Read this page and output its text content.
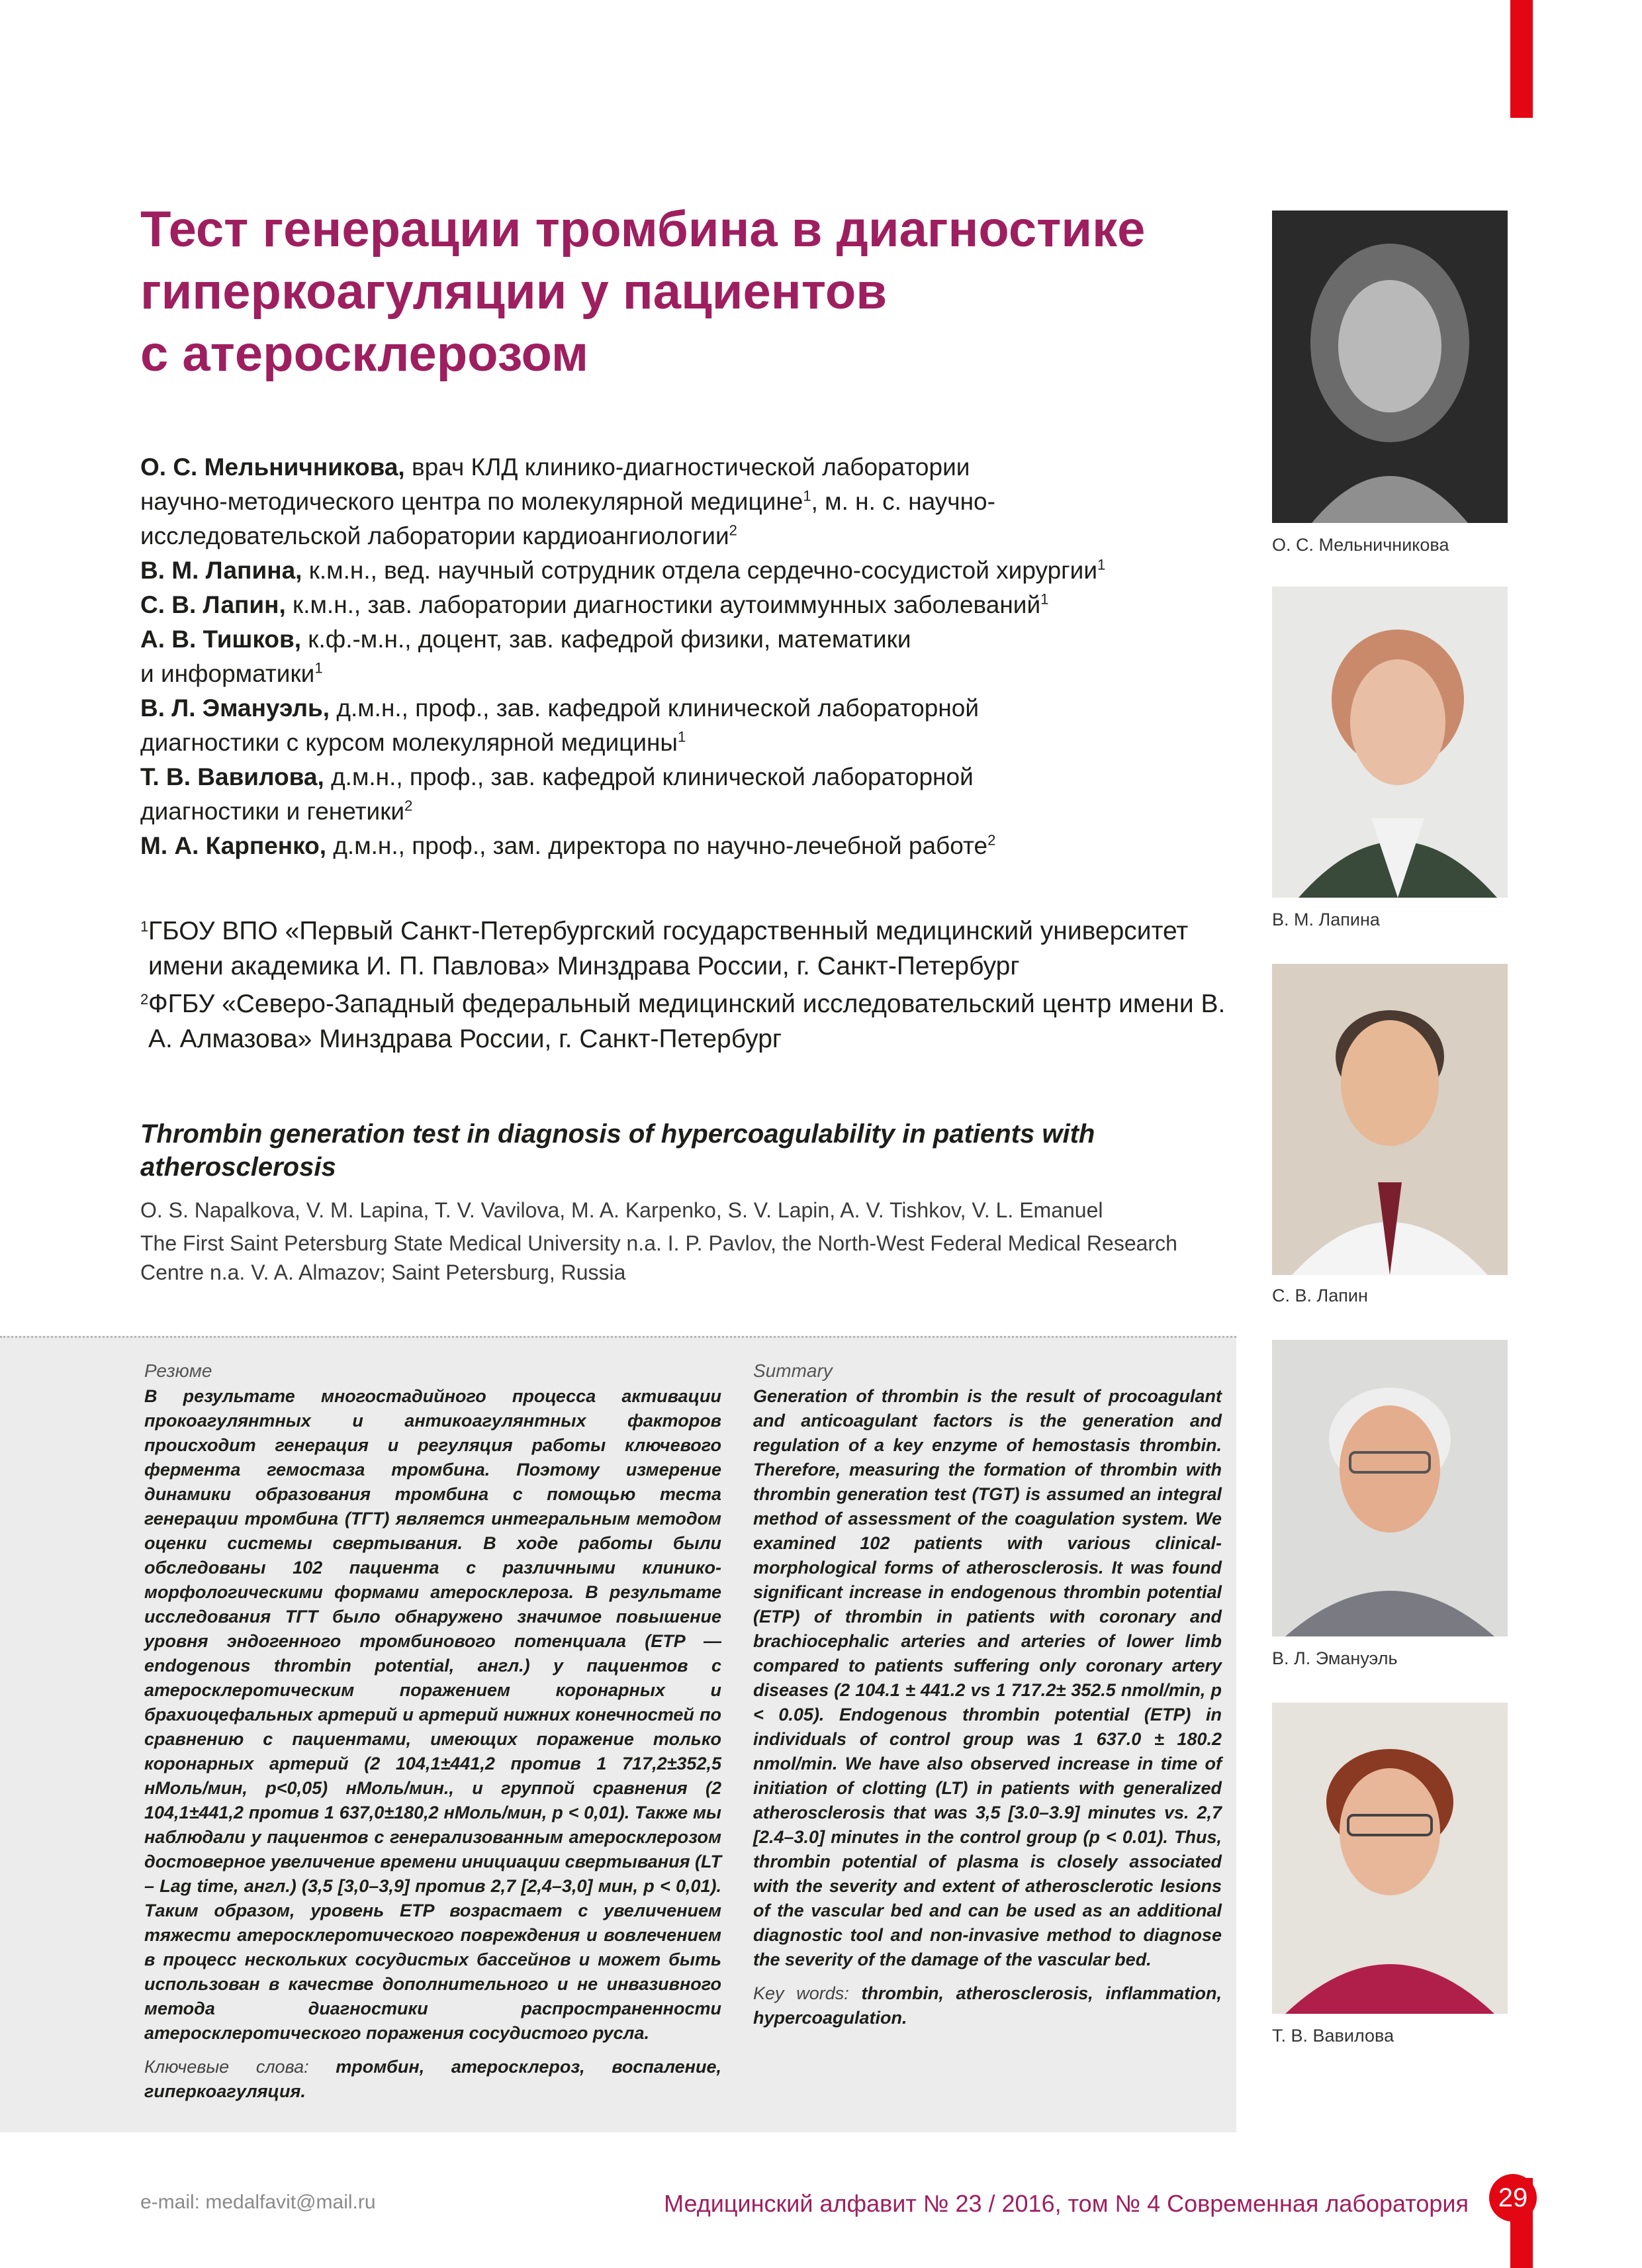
Тест генерации тромбина в диагностике
гиперкоагуляции у пациентов
с атеросклерозом
О. С. Мельничникова, врач КЛД клинико-диагностической лаборатории
научно-методического центра по молекулярной медицине$^1$, м. н. с. научно-
исследовательской лаборатории кардиоангиологии$^2$
В. М. Лапина, к.м.н., вед. научный сотрудник отдела сердечно-сосудистой хирургии$^1$
С. В. Лапин, к.м.н., зав. лаборатории диагностики аутоиммунных заболеваний$^1$
А. В. Тишков, к.ф.-м.н., доцент, зав. кафедрой физики, математики
и информатики$^1$
В. Л. Эмануэль, д.м.н., проф., зав. кафедрой клинической лабораторной
диагностики с курсом молекулярной медицины$^1$
Т. В. Вавилова, д.м.н., проф., зав. кафедрой клинической лабораторной
диагностики и генетики$^2$
М. А. Карпенко, д.м.н., проф., зам. директора по научно-лечебной работе$^2$
1 ГБОУ ВПО «Первый Санкт-Петербургский государственный медицинский университет имени академика И. П. Павлова» Минздрава России, г. Санкт-Петербург
2 ФГБУ «Северо-Западный федеральный медицинский исследовательский центр имени В. А. Алмазова» Минздрава России, г. Санкт-Петербург

Thrombin generation test in diagnosis of hypercoagulability in patients with atherosclerosis

O. S. Napalkova, V. M. Lapina, T. V. Vavilova, M. A. Karpenko, S. V. Lapin, A. V. Tishkov, V. L. Emanuel
The First Saint Petersburg State Medical University n.a. I. P. Pavlov, the North-West Federal Medical Research Centre n.a. V. A. Almazov; Saint Petersburg, Russia
Резюме
В результате многостадийного процесса активации прокоагулянтных и антикоагулянтных факторов происходит генерация и регуляция работы ключевого фермента гемостаза тромбина. Поэтому измерение динамики образования тромбина с помощью теста генерации тромбина (ТГТ) является интегральным методом оценки системы свертывания. В ходе работы были обследованы 102 пациента с различными клинико-морфологическими формами атеросклероза. В результате исследования ТГТ было обнаружено значимое повышение уровня эндогенного тромбинового потенциала (ETP — endogenous thrombin potential, англ.) у пациентов с атеросклеротическим поражением коронарных и брахиоцефальных артерий и артерий нижних конечностей по сравнению с пациентами, имеющих поражение только коронарных артерий (2 104,1±441,2 против 1 717,2±352,5 нМоль/мин, p<0,05) нМоль/мин., и группой сравнения (2 104,1±441,2 против 1 637,0±180,2 нМоль/мин, p < 0,01). Также мы наблюдали у пациентов с генерализованным атеросклерозом достоверное увеличение времени инициации свертывания (LT – Lag time, англ.) (3,5 [3,0–3,9] против 2,7 [2,4–3,0] мин, p < 0,01). Таким образом, уровень ETP возрастает с увеличением тяжести атеросклеротического повреждения и вовлечением в процесс нескольких сосудистых бассейнов и может быть использован в качестве дополнительного и не инвазивного метода диагностики распространенности атеросклеротического поражения сосудистого русла.
Ключевые слова: тромбин, атеросклероз, воспаление, гиперкоагуляция.
Summary
Generation of thrombin is the result of procoagulant and anticoagulant factors is the generation and regulation of a key enzyme of hemostasis thrombin. Therefore, measuring the formation of thrombin with thrombin generation test (TGT) is assumed an integral method of assessment of the coagulation system. We examined 102 patients with various clinical-morphological forms of atherosclerosis. It was found significant increase in endogenous thrombin potential (ETP) of thrombin in patients with coronary and brachiocephalic arteries and arteries of lower limb compared to patients suffering only coronary artery diseases (2 104.1 ± 441.2 vs 1 717.2± 352.5 nmol/min, p < 0.05). Endogenous thrombin potential (ETP) in individuals of control group was 1 637.0 ± 180.2 nmol/min. We have also observed increase in time of initiation of clotting (LT) in patients with generalized atherosclerosis that was 3,5 [3.0–3.9] minutes vs. 2,7 [2.4–3.0] minutes in the control group (p < 0.01). Thus, thrombin potential of plasma is closely associated with the severity and extent of atherosclerotic lesions of the vascular bed and can be used as an additional diagnostic tool and non-invasive method to diagnose the severity of the damage of the vascular bed.
Key words: thrombin, atherosclerosis, inflammation, hypercoagulation.
О. С. Мельничникова
В. М. Лапина
С. В. Лапин
В. Л. Эмануэль
Т. В. Вавилова
e-mail: medalfavit@mail.ru	Медицинский алфавит № 23 / 2016, том № 4 Современная лаборатория	29
